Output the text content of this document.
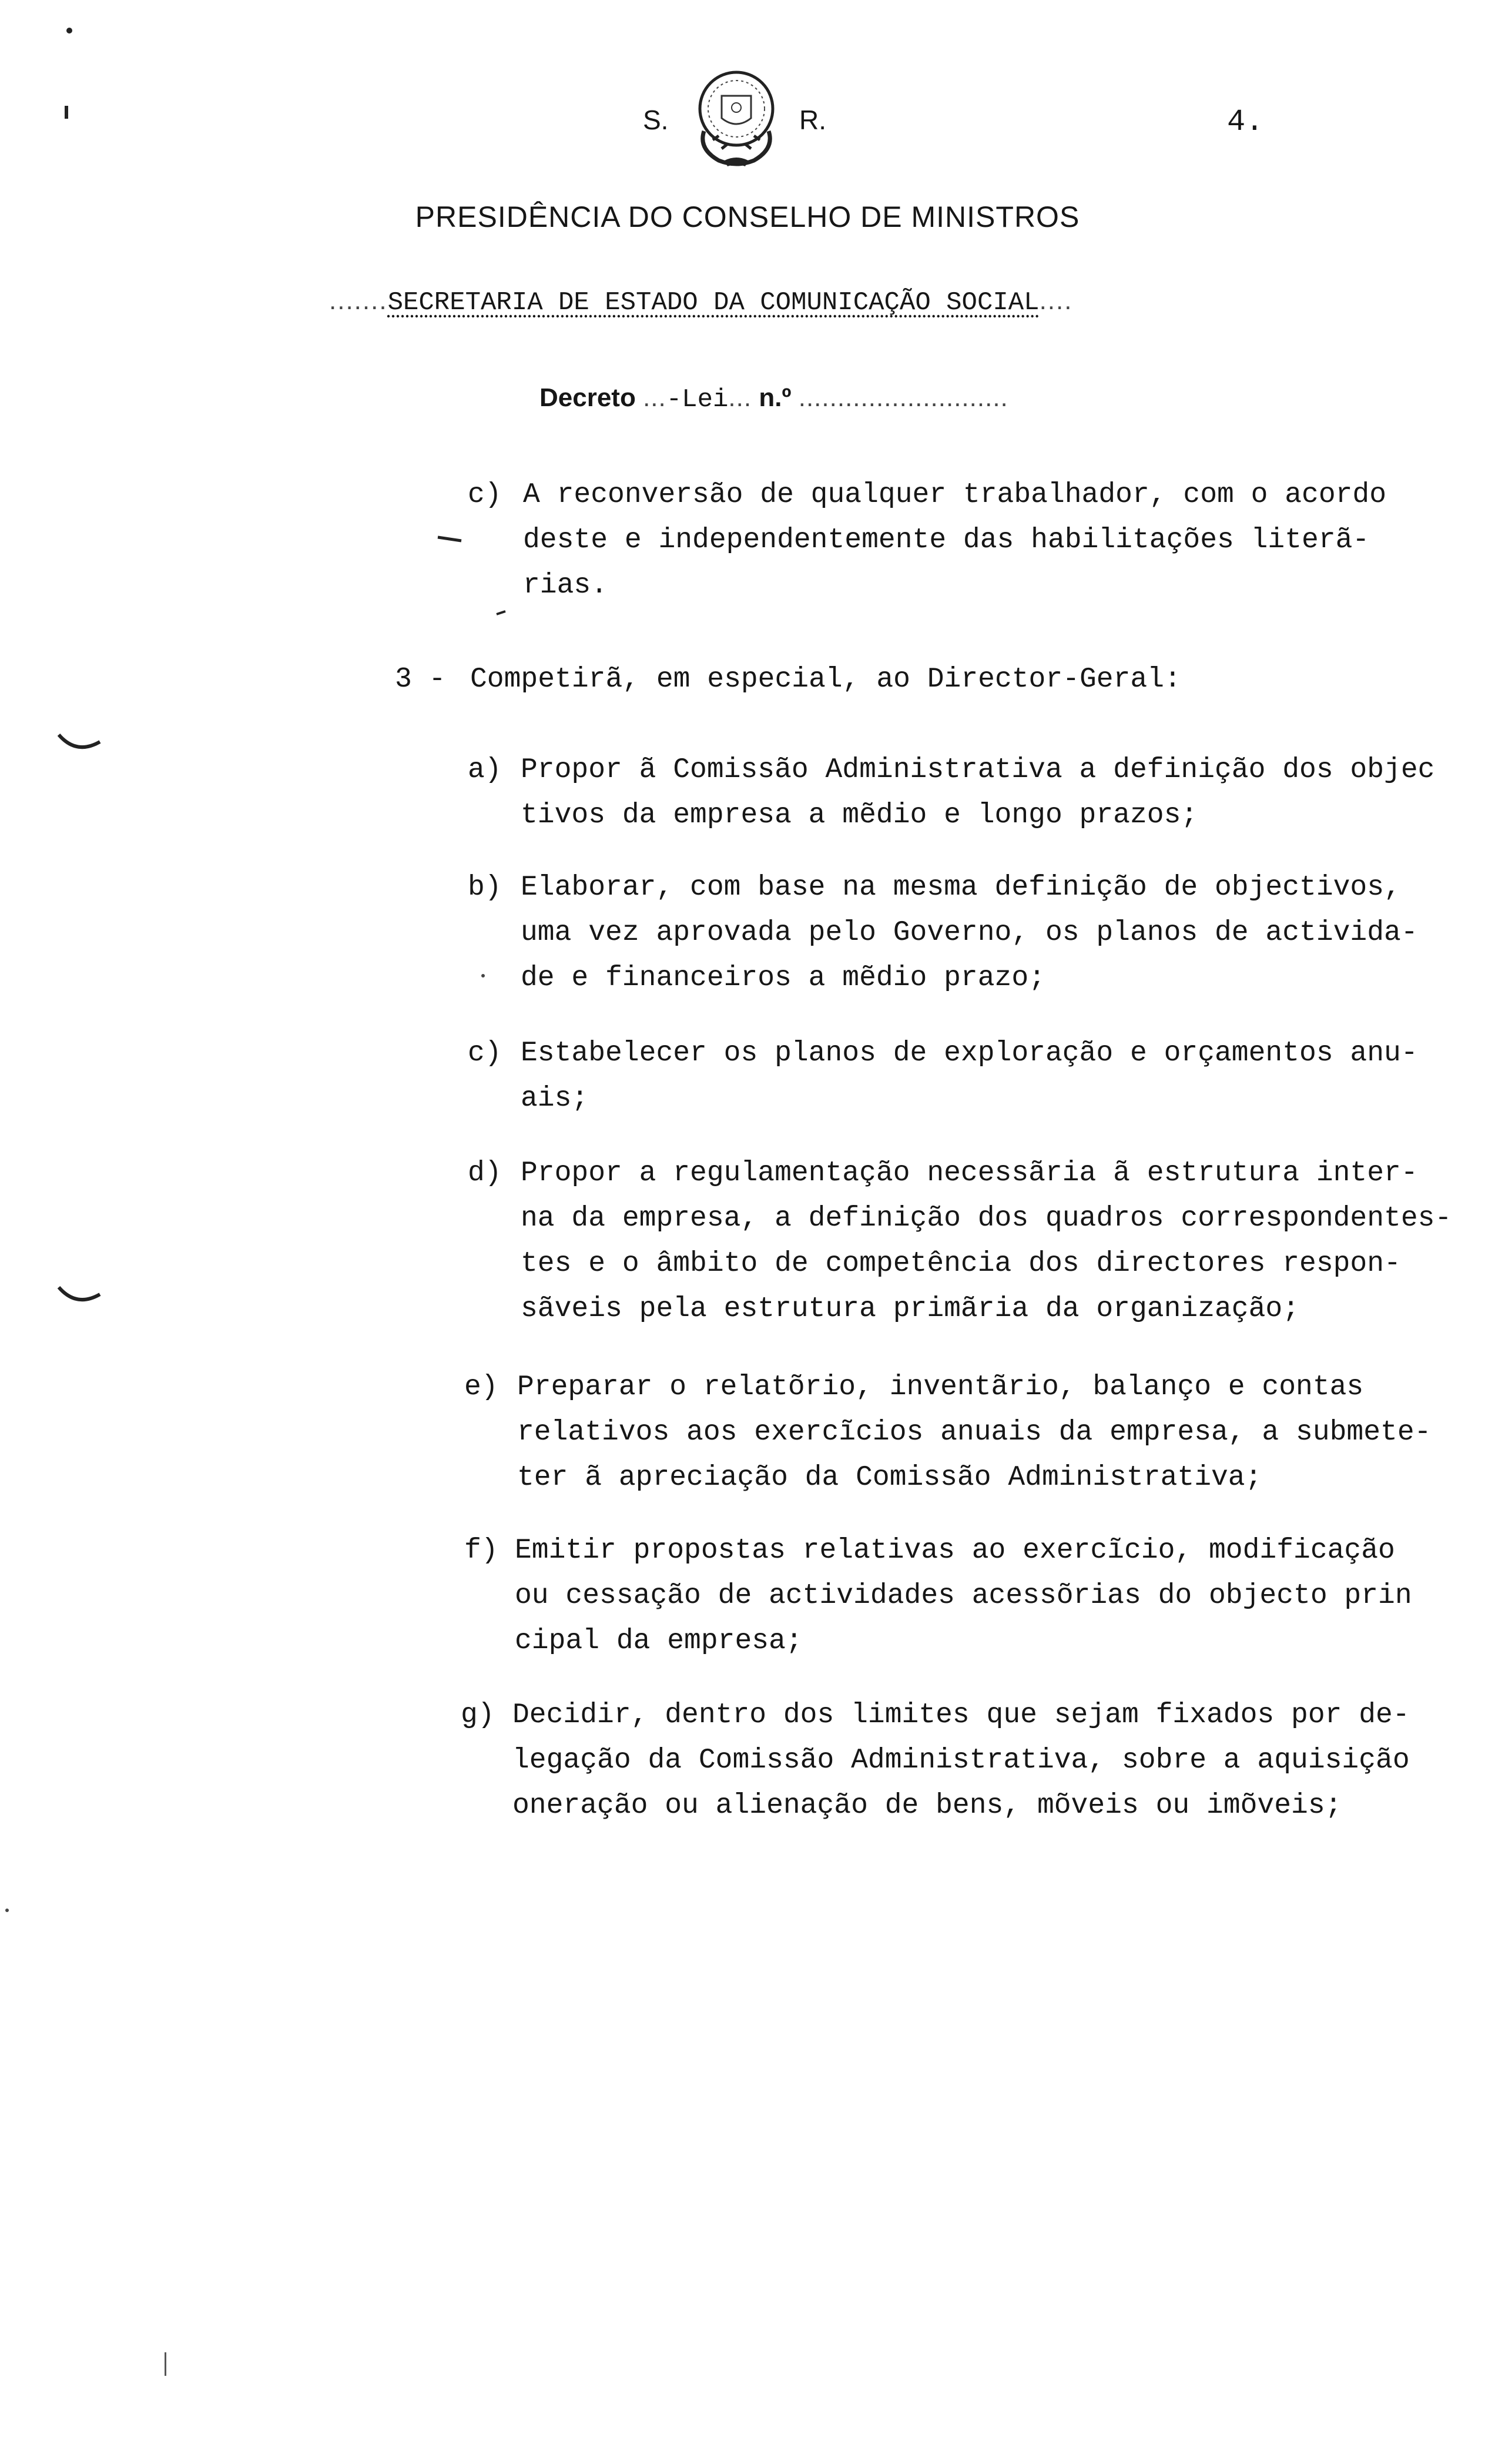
S.	R.	4.
PRESIDÊNCIA DO CONSELHO DE MINISTROS
.......SECRETARIA DE ESTADO DA COMUNICAÇÃO SOCIAL....
Decreto ...-Lei... n.º ...........................
c) A reconversão de qualquer trabalhador, com o acordo
deste e independentemente das habilitações literã-
rias.
3 - Competirã, em especial, ao Director-Geral:
a) Propor ã Comissão Administrativa a definição dos objec
tivos da empresa a mẽdio e longo prazos;
b) Elaborar, com base na mesma definição de objectivos,
uma vez aprovada pelo Governo, os planos de activida-
de e financeiros a mẽdio prazo;
c) Estabelecer os planos de exploração e orçamentos anu-
ais;
d) Propor a regulamentação necessãria ã estrutura inter-
na da empresa, a definição dos quadros correspondentes-
tes e o âmbito de competência dos directores respon-
sãveis pela estrutura primãria da organização;
e) Preparar o relatõrio, inventãrio, balanço e contas
relativos aos exercĩcios anuais da empresa, a submete-
ter ã apreciação da Comissão Administrativa;
f) Emitir propostas relativas ao exercĩcio, modificação
ou cessação de actividades acessõrias do objecto prin
cipal da empresa;
g) Decidir, dentro dos limites que sejam fixados por de-
legação da Comissão Administrativa, sobre a aquisição
oneração ou alienação de bens, mõveis ou imõveis;
